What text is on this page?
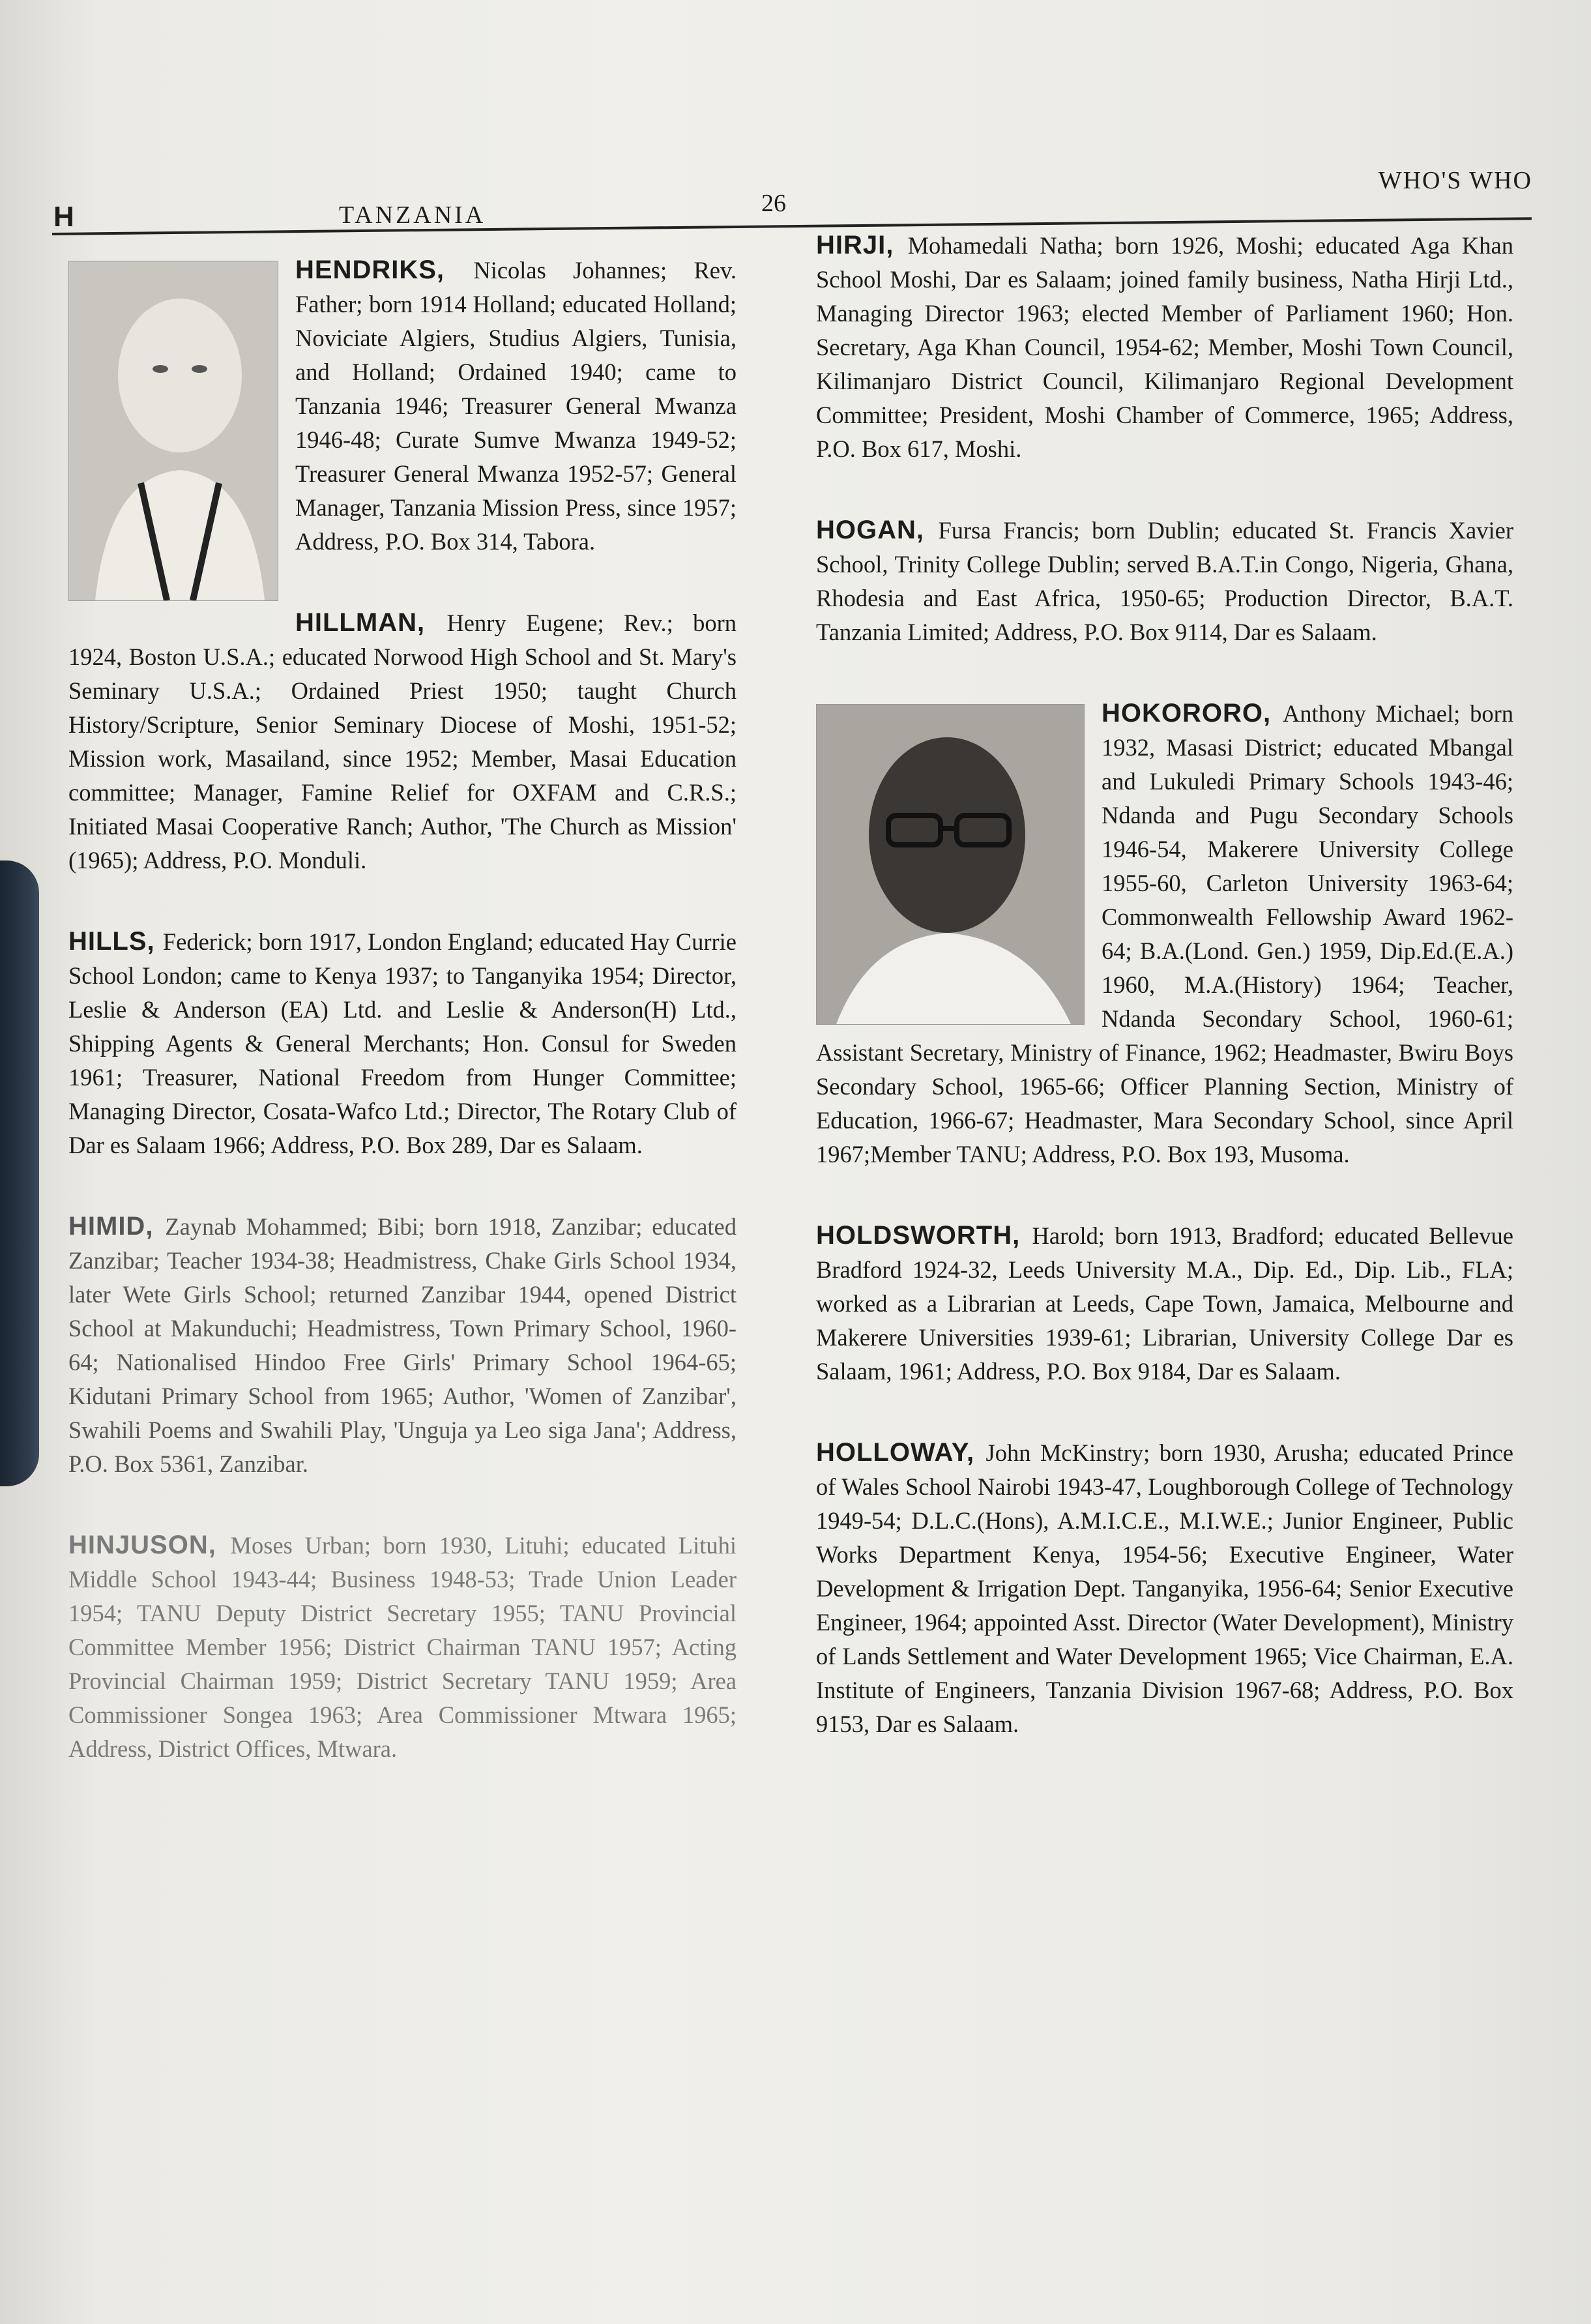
H	TANZANIA	26
WHO'S WHO
HENDRIKS, Nicolas Johannes; Rev. Father; born 1914 Holland; educated Holland; Noviciate Algiers, Studius Algiers, Tunisia, and Holland; Ordained 1940; came to Tanzania 1946; Treasurer General Mwanza 1946-48; Curate Sumve Mwanza 1949-52; Treasurer General Mwanza 1952-57; General Manager, Tanzania Mission Press, since 1957; Address, P.O. Box 314, Tabora.
HILLMAN, Henry Eugene; Rev.; born 1924, Boston U.S.A.; educated Norwood High School and St. Mary's Seminary U.S.A.; Ordained Priest 1950; taught Church History/Scripture, Senior Seminary Diocese of Moshi, 1951-52; Mission work, Masailand, since 1952; Member, Masai Education committee; Manager, Famine Relief for OXFAM and C.R.S.; Initiated Masai Cooperative Ranch; Author, 'The Church as Mission' (1965); Address, P.O. Monduli.
HILLS, Federick; born 1917, London England; educated Hay Currie School London; came to Kenya 1937; to Tanganyika 1954; Director, Leslie & Anderson (EA) Ltd. and Leslie & Anderson(H) Ltd., Shipping Agents & General Merchants; Hon. Consul for Sweden 1961; Treasurer, National Freedom from Hunger Committee; Managing Director, Cosata-Wafco Ltd.; Director, The Rotary Club of Dar es Salaam 1966; Address, P.O. Box 289, Dar es Salaam.
HIMID, Zaynab Mohammed; Bibi; born 1918, Zanzibar; educated Zanzibar; Teacher 1934-38; Headmistress, Chake Girls School 1934, later Wete Girls School; returned Zanzibar 1944, opened District School at Makunduchi; Headmistress, Town Primary School, 1960-64; Nationalised Hindoo Free Girls' Primary School 1964-65; Kidutani Primary School from 1965; Author, 'Women of Zanzibar', Swahili Poems and Swahili Play, 'Unguja ya Leo siga Jana'; Address, P.O. Box 5361, Zanzibar.
HINJUSON, Moses Urban; born 1930, Lituhi; educated Lituhi Middle School 1943-44; Business 1948-53; Trade Union Leader 1954; TANU Deputy District Secretary 1955; TANU Provincial Committee Member 1956; District Chairman TANU 1957; Acting Provincial Chairman 1959; District Secretary TANU 1959; Area Commissioner Songea 1963; Area Commissioner Mtwara 1965; Address, District Offices, Mtwara.
HIRJI, Mohamedali Natha; born 1926, Moshi; educated Aga Khan School Moshi, Dar es Salaam; joined family business, Natha Hirji Ltd., Managing Director 1963; elected Member of Parliament 1960; Hon. Secretary, Aga Khan Council, 1954-62; Member, Moshi Town Council, Kilimanjaro District Council, Kilimanjaro Regional Development Committee; President, Moshi Chamber of Commerce, 1965; Address, P.O. Box 617, Moshi.
HOGAN, Fursa Francis; born Dublin; educated St. Francis Xavier School, Trinity College Dublin; served B.A.T.in Congo, Nigeria, Ghana, Rhodesia and East Africa, 1950-65; Production Director, B.A.T. Tanzania Limited; Address, P.O. Box 9114, Dar es Salaam.
HOKORORO, Anthony Michael; born 1932, Masasi District; educated Mbangal and Lukuledi Primary Schools 1943-46; Ndanda and Pugu Secondary Schools 1946-54, Makerere University College 1955-60, Carleton University 1963-64; Commonwealth Fellowship Award 1962-64; B.A.(Lond. Gen.) 1959, Dip.Ed.(E.A.) 1960, M.A.(History) 1964; Teacher, Ndanda Secondary School, 1960-61; Assistant Secretary, Ministry of Finance, 1962; Headmaster, Bwiru Boys Secondary School, 1965-66; Officer Planning Section, Ministry of Education, 1966-67; Headmaster, Mara Secondary School, since April 1967;Member TANU; Address, P.O. Box 193, Musoma.
HOLDSWORTH, Harold; born 1913, Bradford; educated Bellevue Bradford 1924-32, Leeds University M.A., Dip. Ed., Dip. Lib., FLA; worked as a Librarian at Leeds, Cape Town, Jamaica, Melbourne and Makerere Universities 1939-61; Librarian, University College Dar es Salaam, 1961; Address, P.O. Box 9184, Dar es Salaam.
HOLLOWAY, John McKinstry; born 1930, Arusha; educated Prince of Wales School Nairobi 1943-47, Loughborough College of Technology 1949-54; D.L.C.(Hons), A.M.I.C.E., M.I.W.E.; Junior Engineer, Public Works Department Kenya, 1954-56; Executive Engineer, Water Development & Irrigation Dept. Tanganyika, 1956-64; Senior Executive Engineer, 1964; appointed Asst. Director (Water Development), Ministry of Lands Settlement and Water Development 1965; Vice Chairman, E.A. Institute of Engineers, Tanzania Division 1967-68; Address, P.O. Box 9153, Dar es Salaam.
